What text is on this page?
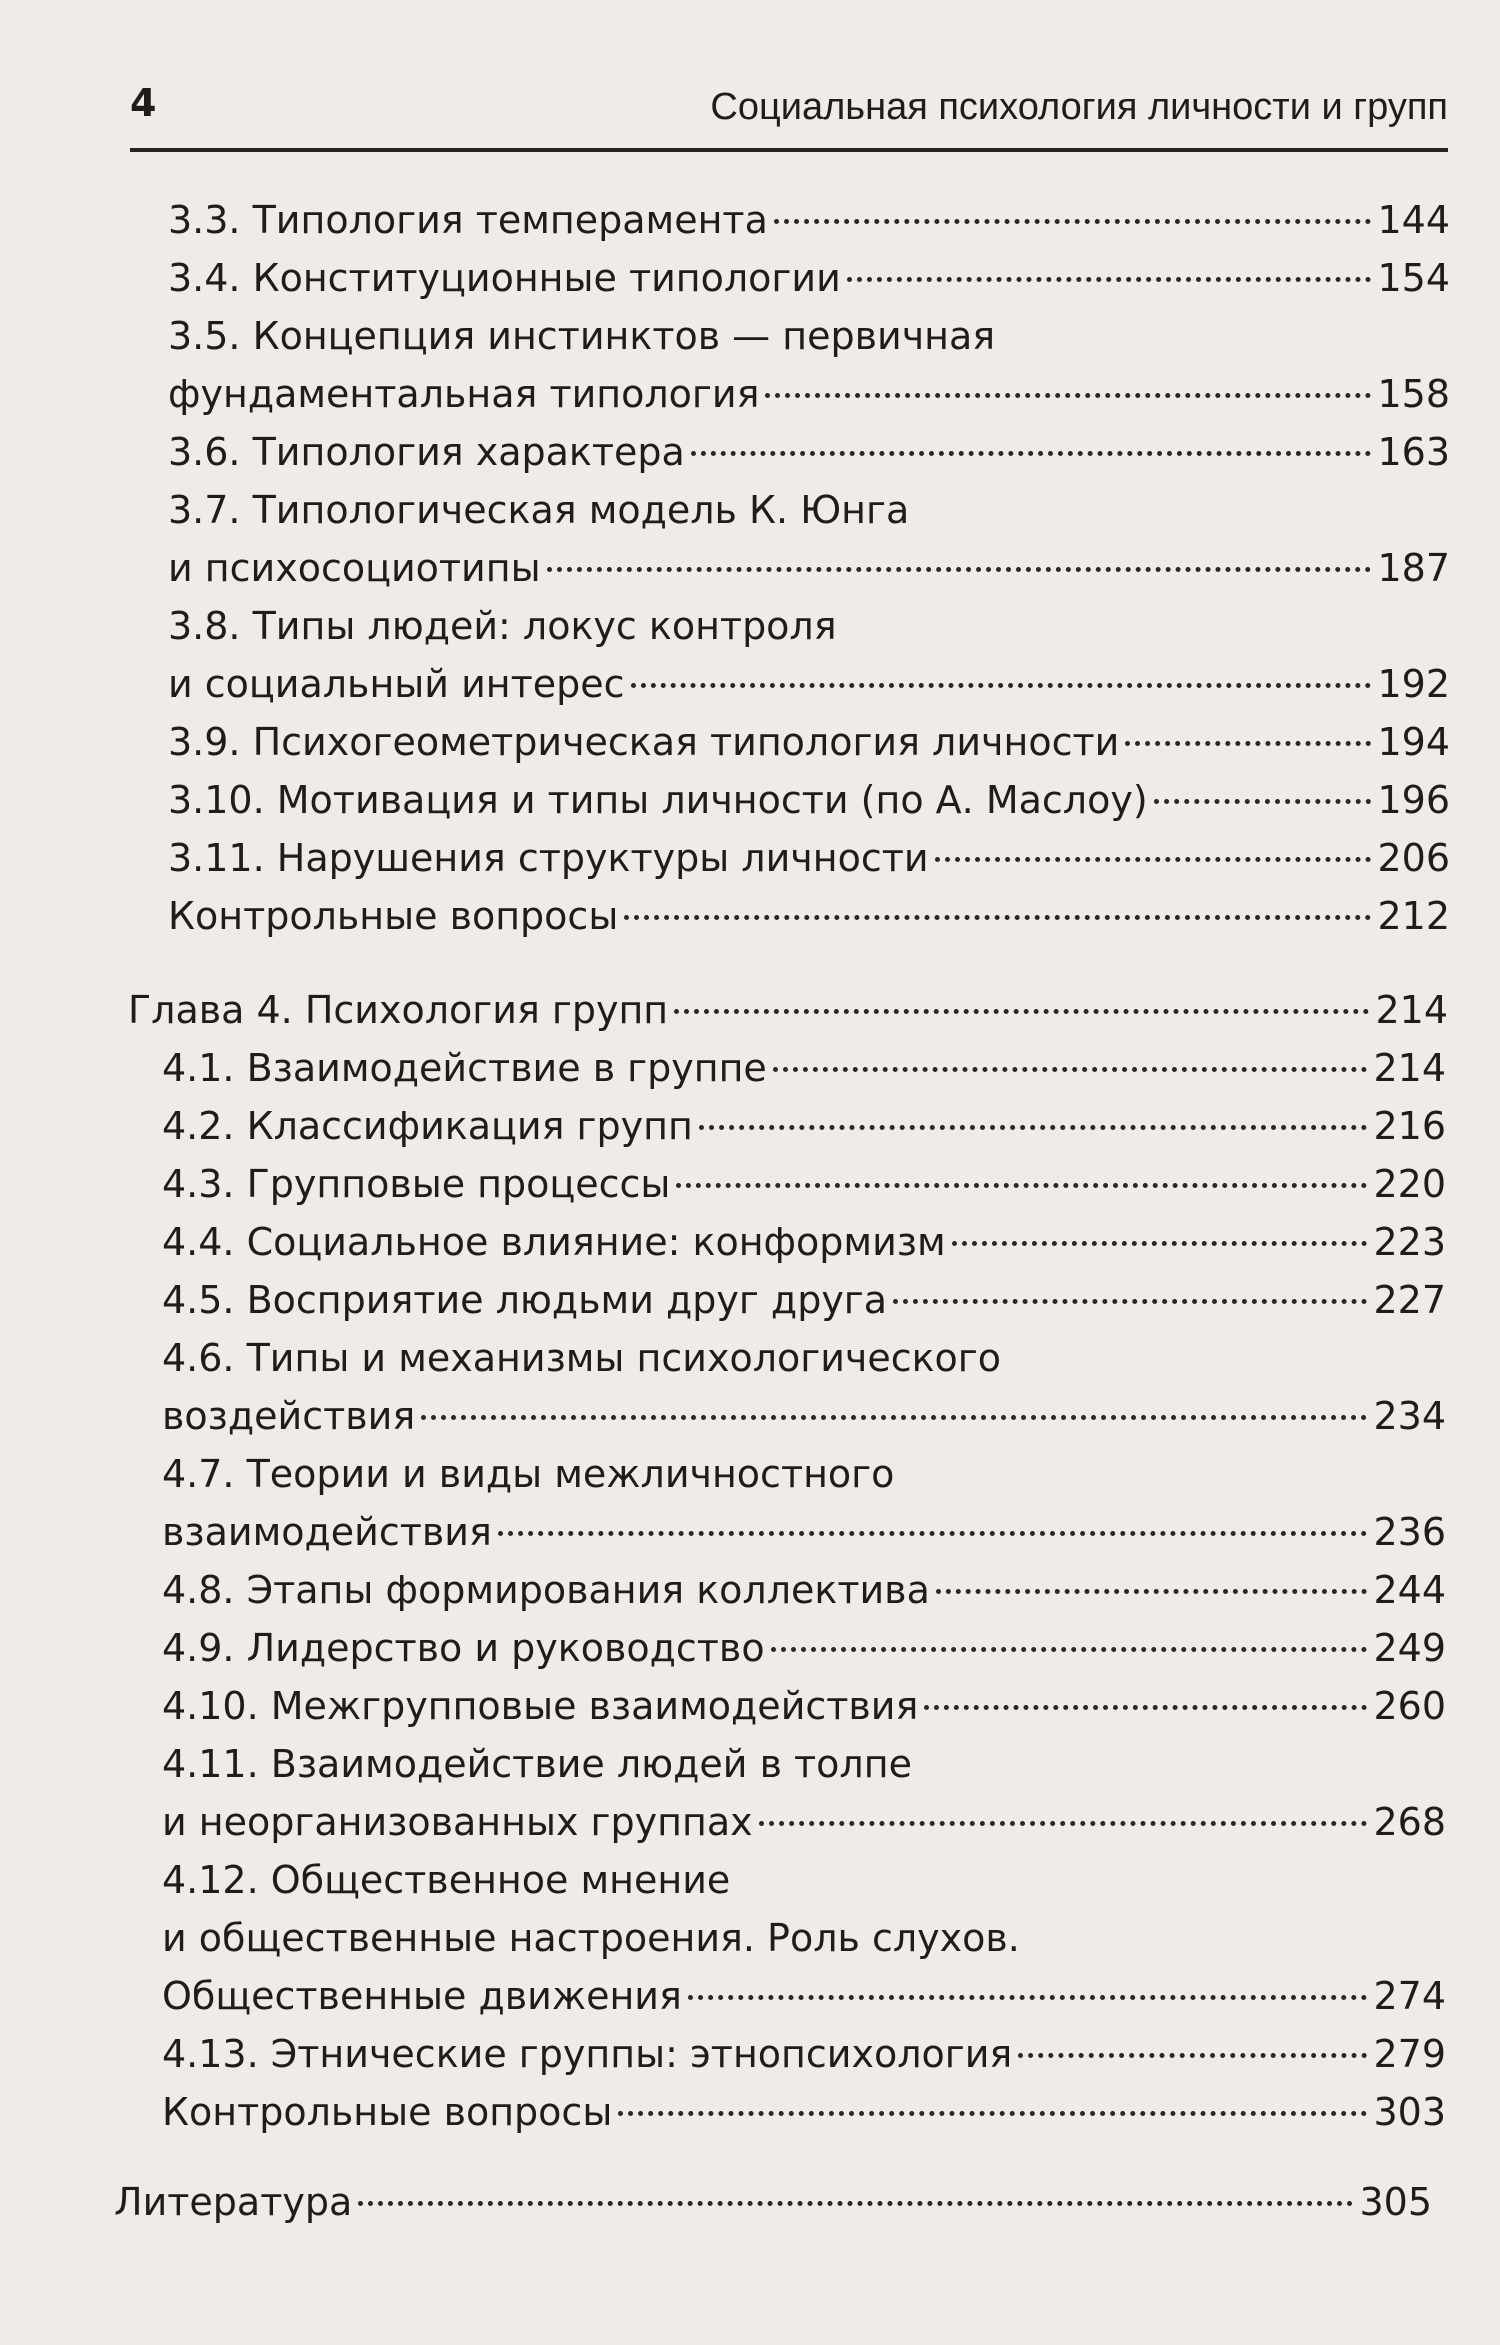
4	Социальная психология личности и групп
3.3. Типология темперамента	144
3.4. Конституционные типологии	154
3.5. Концепция инстинктов — первичная
фундаментальная типология	158
3.6. Типология характера	163
3.7. Типологическая модель К. Юнга
и психосоциотипы	187
3.8. Типы людей: локус контроля
и социальный интерес	192
3.9. Психогеометрическая типология личности	194
3.10. Мотивация и типы личности (по А. Маслоу)	196
3.11. Нарушения структуры личности	206
Контрольные вопросы	212
Глава 4. Психология групп	214
4.1. Взаимодействие в группе	214
4.2. Классификация групп	216
4.3. Групповые процессы	220
4.4. Социальное влияние: конформизм	223
4.5. Восприятие людьми друг друга	227
4.6. Типы и механизмы психологического
воздействия	234
4.7. Теории и виды межличностного
взаимодействия	236
4.8. Этапы формирования коллектива	244
4.9. Лидерство и руководство	249
4.10. Межгрупповые взаимодействия	260
4.11. Взаимодействие людей в толпе
и неорганизованных группах	268
4.12. Общественное мнение
и общественные настроения. Роль слухов.
Общественные движения	274
4.13. Этнические группы: этнопсихология	279
Контрольные вопросы	303
Литература	305
